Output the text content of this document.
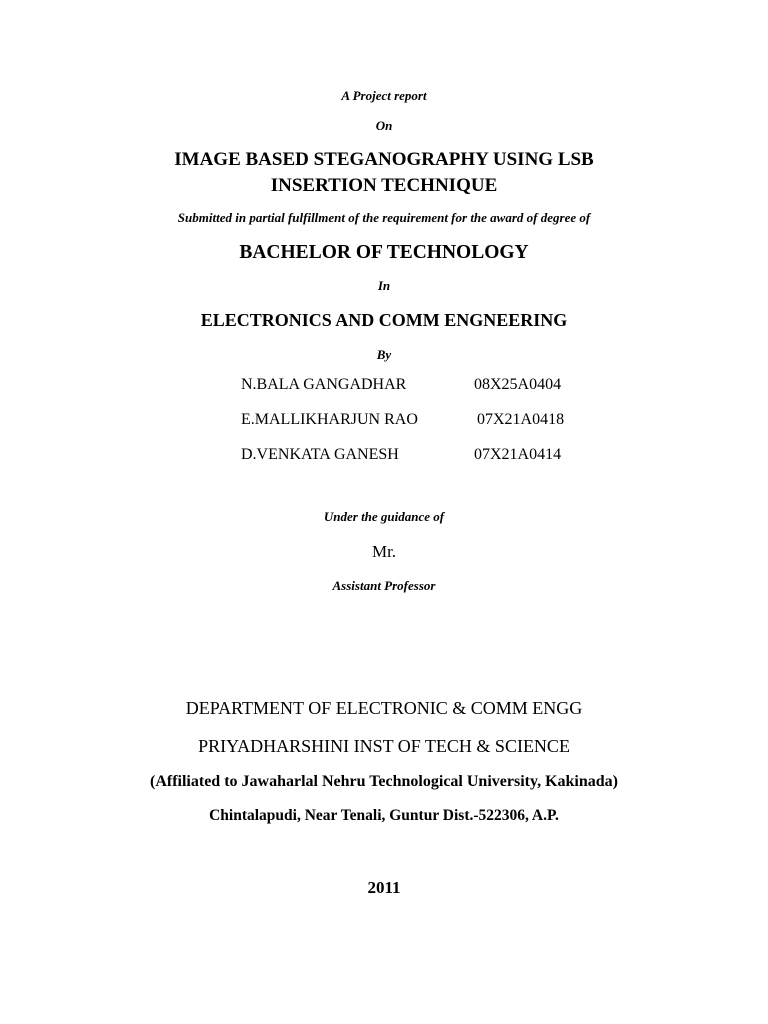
A Project report
On
IMAGE BASED STEGANOGRAPHY USING LSB
INSERTION TECHNIQUE
Submitted in partial fulfillment of the requirement for the award of degree of
BACHELOR OF TECHNOLOGY
In
ELECTRONICS AND COMM ENGNEERING
By
N.BALA GANGADHAR	08X25A0404
E.MALLIKHARJUN RAO	07X21A0418
D.VENKATA GANESH	07X21A0414
Under the guidance of
Mr.
Assistant Professor
DEPARTMENT OF ELECTRONIC & COMM ENGG
PRIYADHARSHINI INST OF TECH & SCIENCE
(Affiliated to Jawaharlal Nehru Technological University, Kakinada)
Chintalapudi, Near Tenali, Guntur Dist.-522306, A.P.
2011
